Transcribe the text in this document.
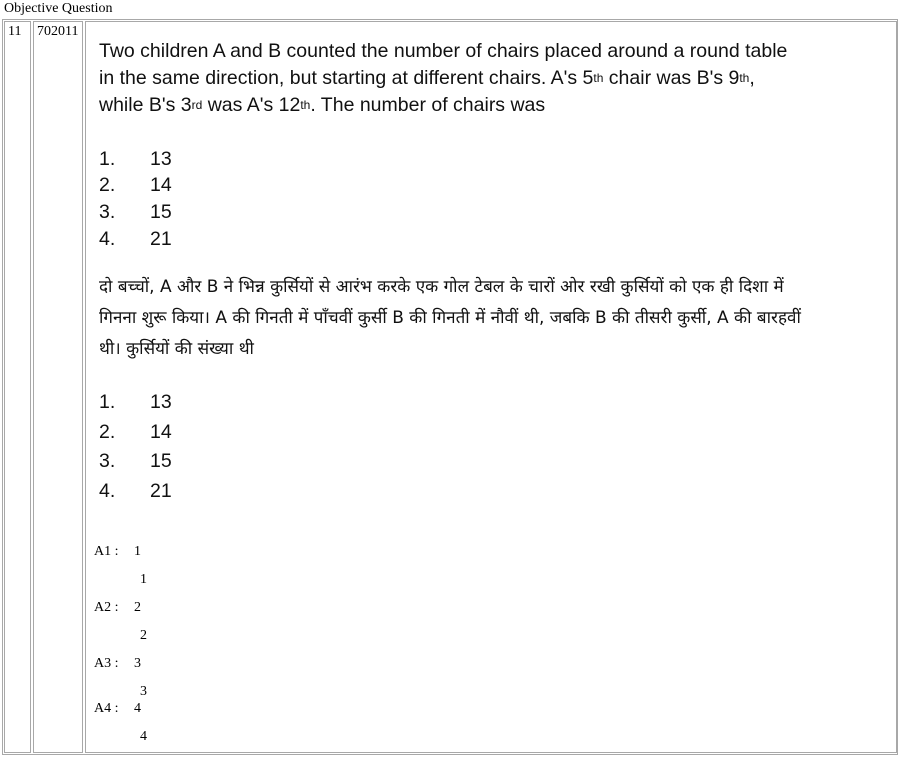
Objective Question
11 702011
Two children A and B counted the number of chairs placed around a round table
in the same direction, but starting at different chairs. A's 5th chair was B's 9th,
while B's 3rd was A's 12th. The number of chairs was
1. 13
2. 14
3. 15
4. 21
दो बच्चों, A और B ने भिन्न कुर्सियों से आरंभ करके एक गोल टेबल के चारों ओर रखी कुर्सियों को एक ही दिशा में
गिनना शुरू किया। A की गिनती में पाँचवीं कुर्सी B की गिनती में नौवीं थी, जबकि B की तीसरी कुर्सी, A की बारहवीं
थी। कुर्सियों की संख्या थी
1. 13
2. 14
3. 15
4. 21
A1 : 1
1
A2 : 2
2
A3 : 3
3
A4 : 4
4
